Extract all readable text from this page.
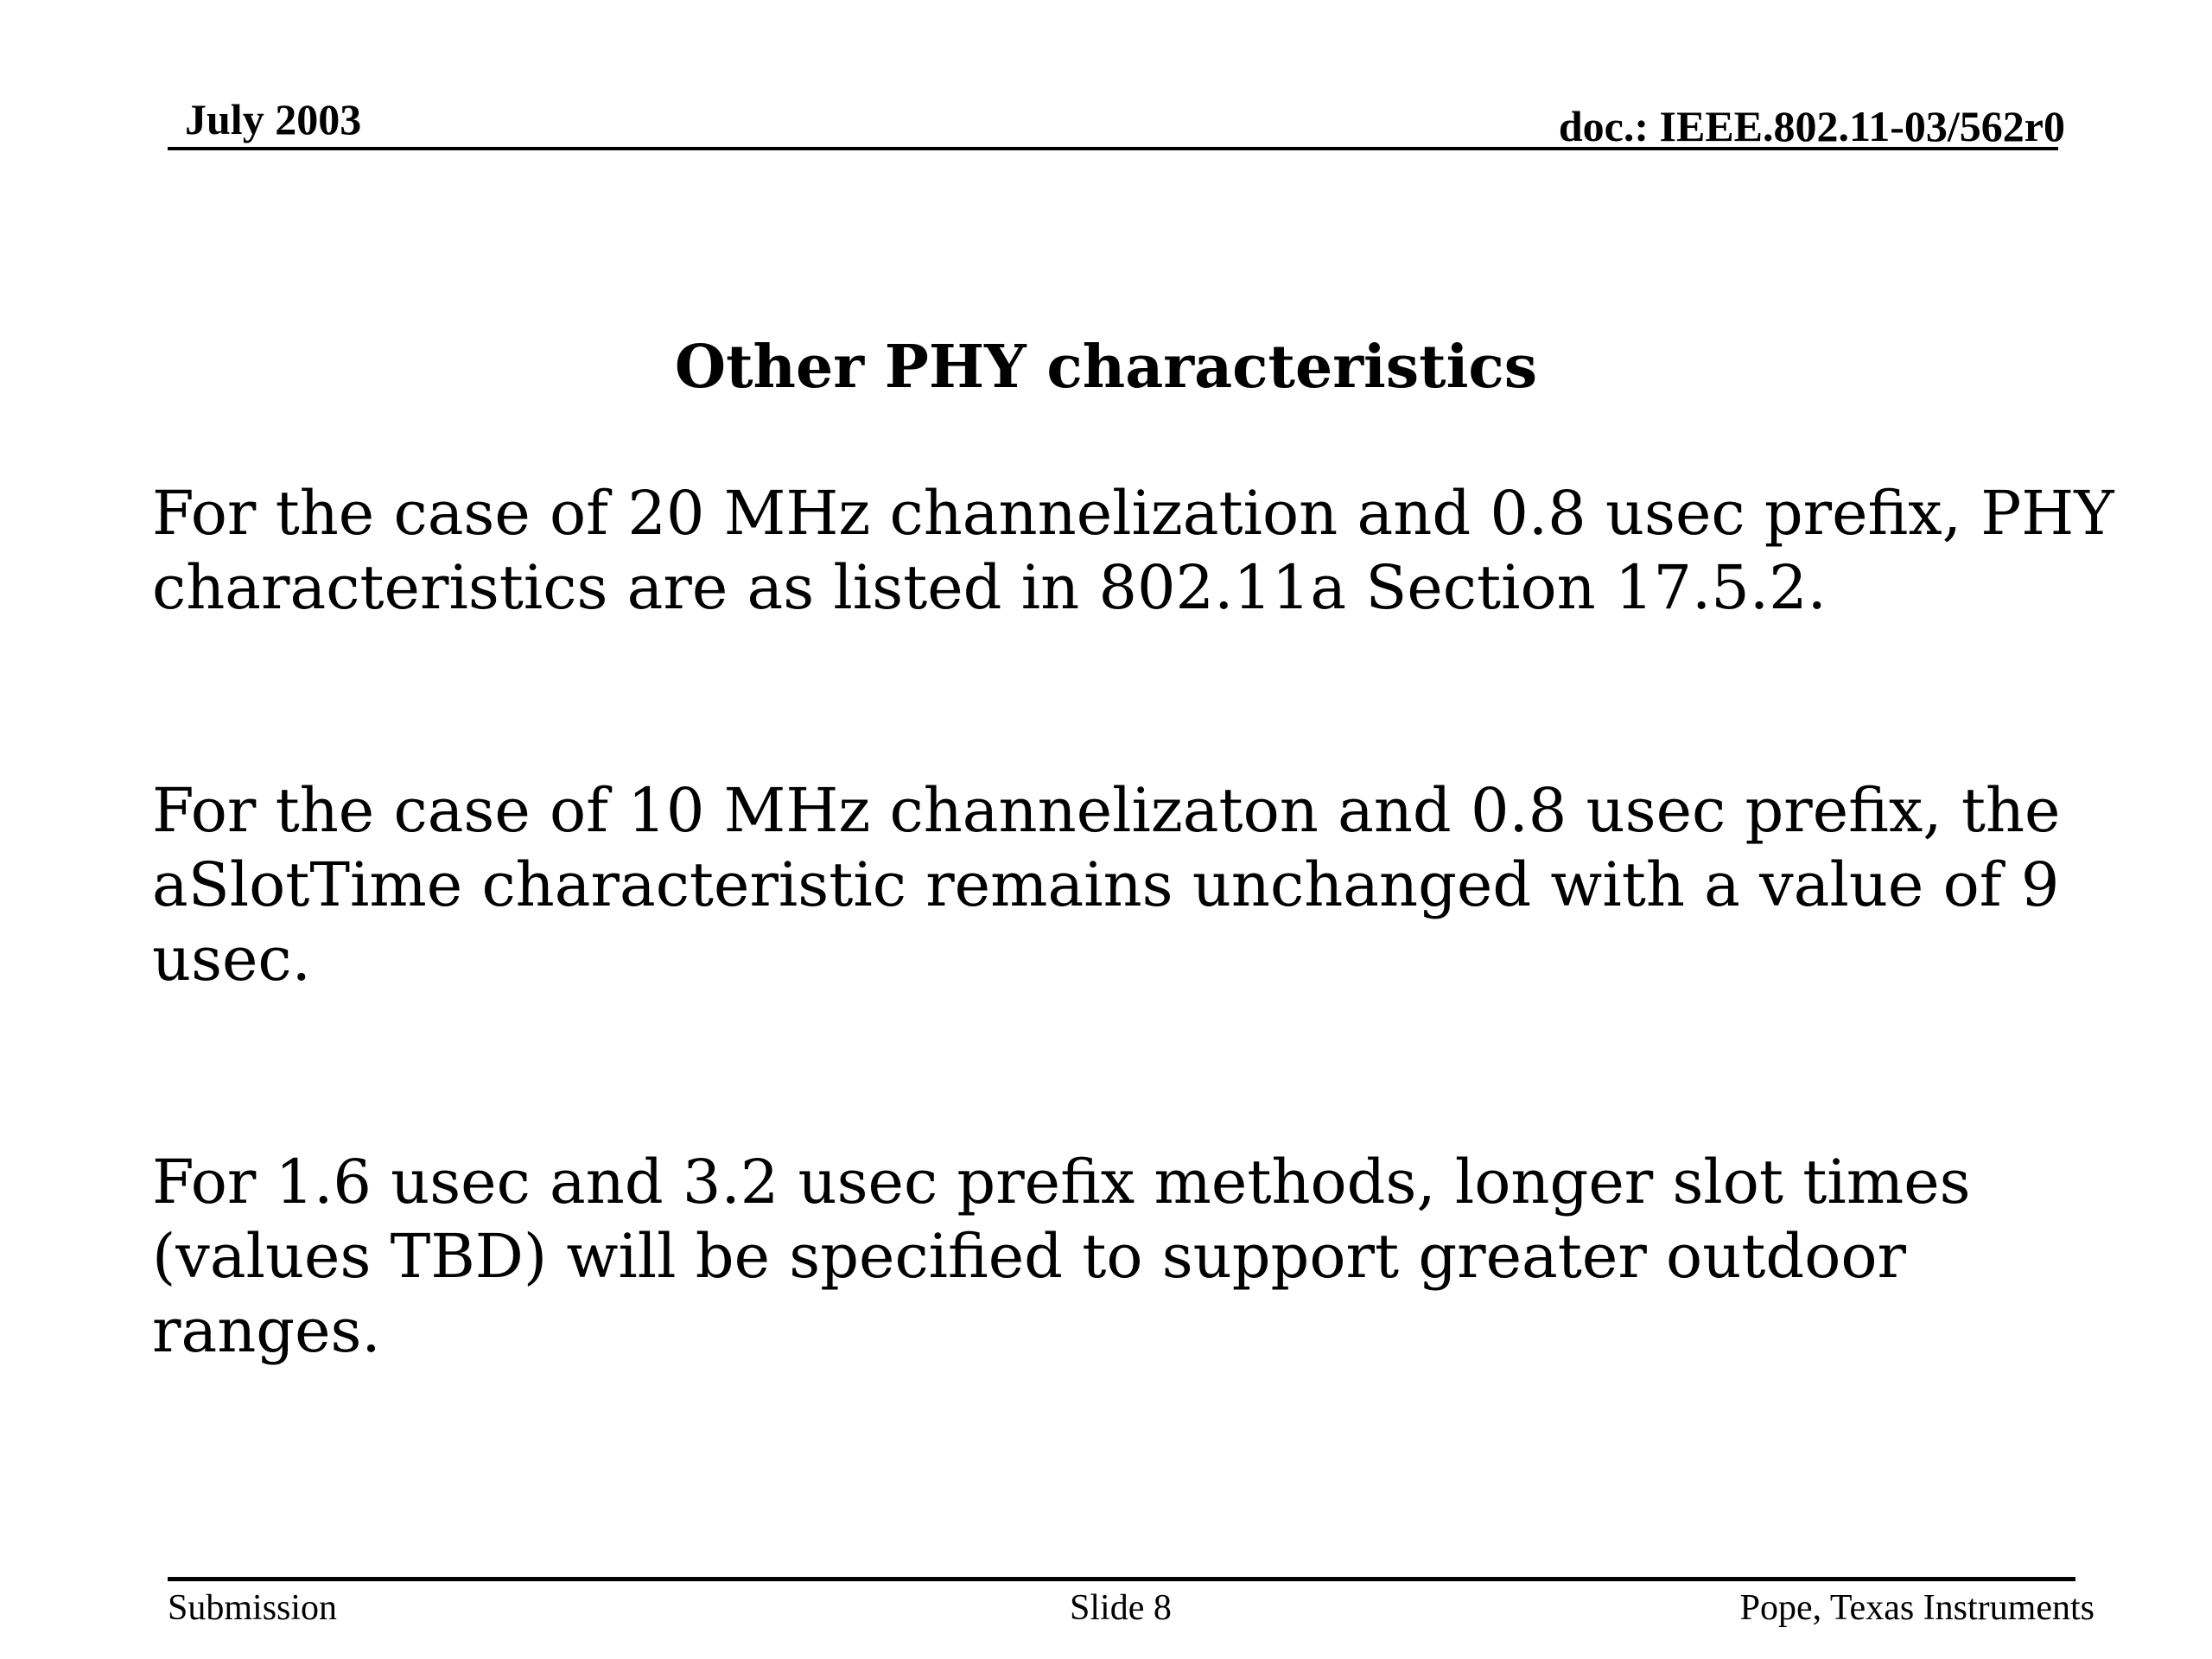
July 2003	doc.: IEEE.802.11-03/562r0
Other PHY characteristics

For the case of 20 MHz channelization and 0.8 usec prefix, PHY characteristics are as listed in 802.11a Section 17.5.2.

For the case of 10 MHz channelizaton and 0.8 usec prefix, the aSlotTime characteristic remains unchanged with a value of 9 usec.

For 1.6 usec and 3.2 usec prefix methods, longer slot times (values TBD) will be specified to support greater outdoor ranges.

Submission	Slide 8	Pope, Texas Instruments
